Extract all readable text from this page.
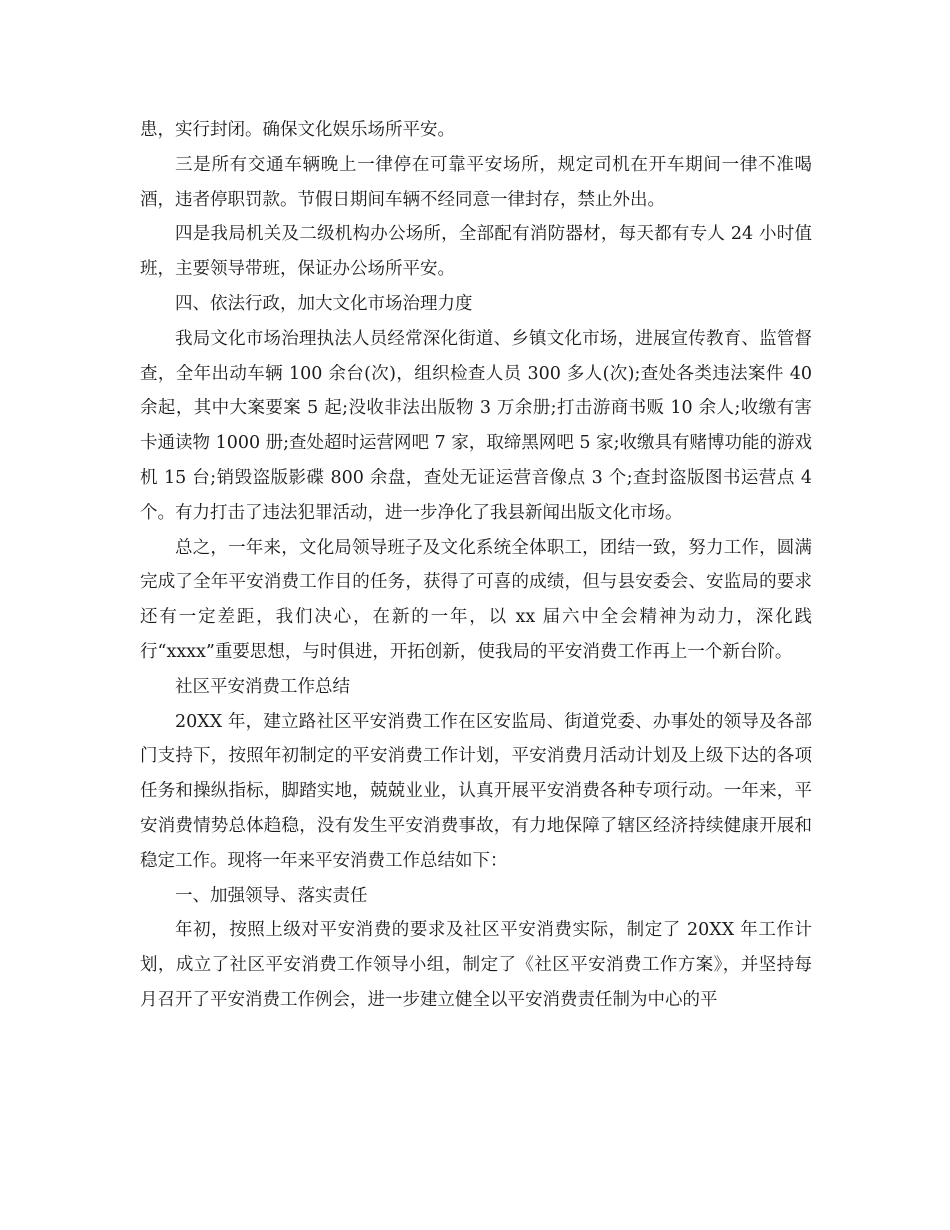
患，实行封闭。确保文化娱乐场所平安。

三是所有交通车辆晚上一律停在可靠平安场所，规定司机在开车期间一律不准喝酒，违者停职罚款。节假日期间车辆不经同意一律封存，禁止外出。

四是我局机关及二级机构办公场所，全部配有消防器材，每天都有专人 24 小时值班，主要领导带班，保证办公场所平安。

四、依法行政，加大文化市场治理力度

我局文化市场治理执法人员经常深化街道、乡镇文化市场，进展宣传教育、监管督查，全年出动车辆 100 余台(次)，组织检查人员 300 多人(次);查处各类违法案件 40 余起，其中大案要案 5 起;没收非法出版物 3 万余册;打击游商书贩 10 余人;收缴有害卡通读物 1000 册;查处超时运营网吧 7 家，取缔黑网吧 5 家;收缴具有赌博功能的游戏机 15 台;销毁盗版影碟 800 余盘，查处无证运营音像点 3 个;查封盗版图书运营点 4 个。有力打击了违法犯罪活动，进一步净化了我县新闻出版文化市场。

总之，一年来，文化局领导班子及文化系统全体职工，团结一致，努力工作，圆满完成了全年平安消费工作目的任务，获得了可喜的成绩，但与县安委会、安监局的要求还有一定差距，我们决心，在新的一年，以 xx 届六中全会精神为动力，深化践行“xxxx”重要思想，与时俱进，开拓创新，使我局的平安消费工作再上一个新台阶。

社区平安消费工作总结

20XX 年，建立路社区平安消费工作在区安监局、街道党委、办事处的领导及各部门支持下，按照年初制定的平安消费工作计划，平安消费月活动计划及上级下达的各项任务和操纵指标，脚踏实地，兢兢业业，认真开展平安消费各种专项行动。一年来，平安消费情势总体趋稳，没有发生平安消费事故，有力地保障了辖区经济持续健康开展和稳定工作。现将一年来平安消费工作总结如下：

一、加强领导、落实责任

年初，按照上级对平安消费的要求及社区平安消费实际，制定了 20XX 年工作计划，成立了社区平安消费工作领导小组，制定了《社区平安消费工作方案》，并坚持每月召开了平安消费工作例会，进一步建立健全以平安消费责任制为中心的平
